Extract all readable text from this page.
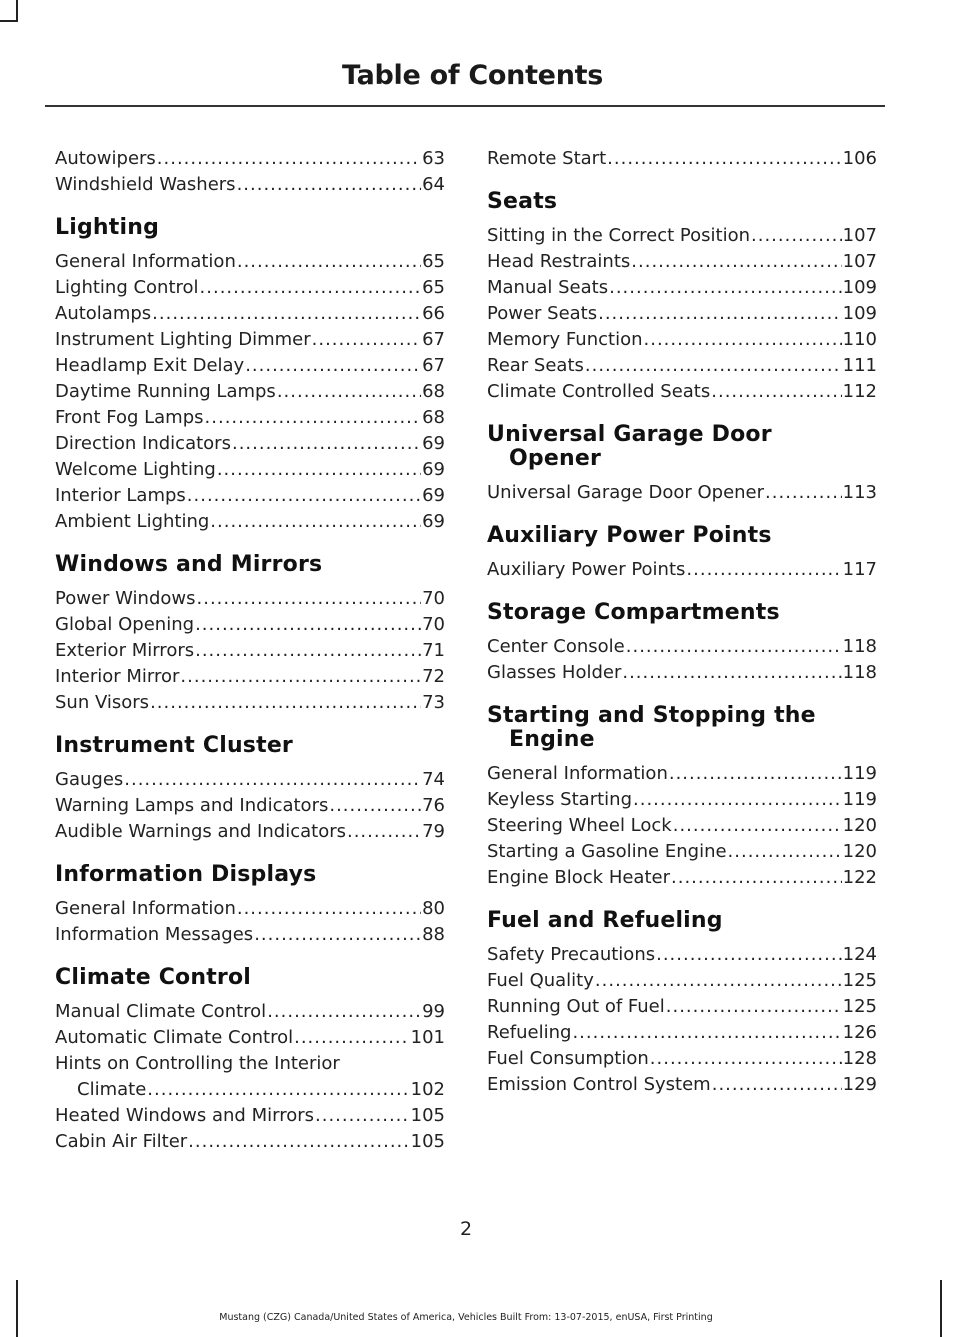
Table of Contents
Autowipers .....	63
Windshield Washers .....	64
Lighting
General Information .....	65
Lighting Control .....	65
Autolamps .....	66
Instrument Lighting Dimmer .....	67
Headlamp Exit Delay .....	67
Daytime Running Lamps .....	68
Front Fog Lamps .....	68
Direction Indicators .....	69
Welcome Lighting .....	69
Interior Lamps .....	69
Ambient Lighting .....	69
Windows and Mirrors
Power Windows .....	70
Global Opening .....	70
Exterior Mirrors .....	71
Interior Mirror .....	72
Sun Visors .....	73
Instrument Cluster
Gauges .....	74
Warning Lamps and Indicators .....	76
Audible Warnings and Indicators .....	79
Information Displays
General Information .....	80
Information Messages .....	88
Climate Control
Manual Climate Control .....	99
Automatic Climate Control .....	101
Hints on Controlling the Interior
Climate .....	102
Heated Windows and Mirrors .....	105
Cabin Air Filter .....	105
Remote Start .....	106
Seats
Sitting in the Correct Position .....	107
Head Restraints .....	107
Manual Seats .....	109
Power Seats .....	109
Memory Function .....	110
Rear Seats .....	111
Climate Controlled Seats .....	112
Universal Garage Door
Opener
Universal Garage Door Opener .....	113
Auxiliary Power Points
Auxiliary Power Points .....	117
Storage Compartments
Center Console .....	118
Glasses Holder .....	118
Starting and Stopping the
Engine
General Information .....	119
Keyless Starting .....	119
Steering Wheel Lock .....	120
Starting a Gasoline Engine .....	120
Engine Block Heater .....	122
Fuel and Refueling
Safety Precautions .....	124
Fuel Quality .....	125
Running Out of Fuel .....	125
Refueling .....	126
Fuel Consumption .....	128
Emission Control System .....	129
2
Mustang (CZG) Canada/United States of America, Vehicles Built From: 13-07-2015, enUSA, First Printing
